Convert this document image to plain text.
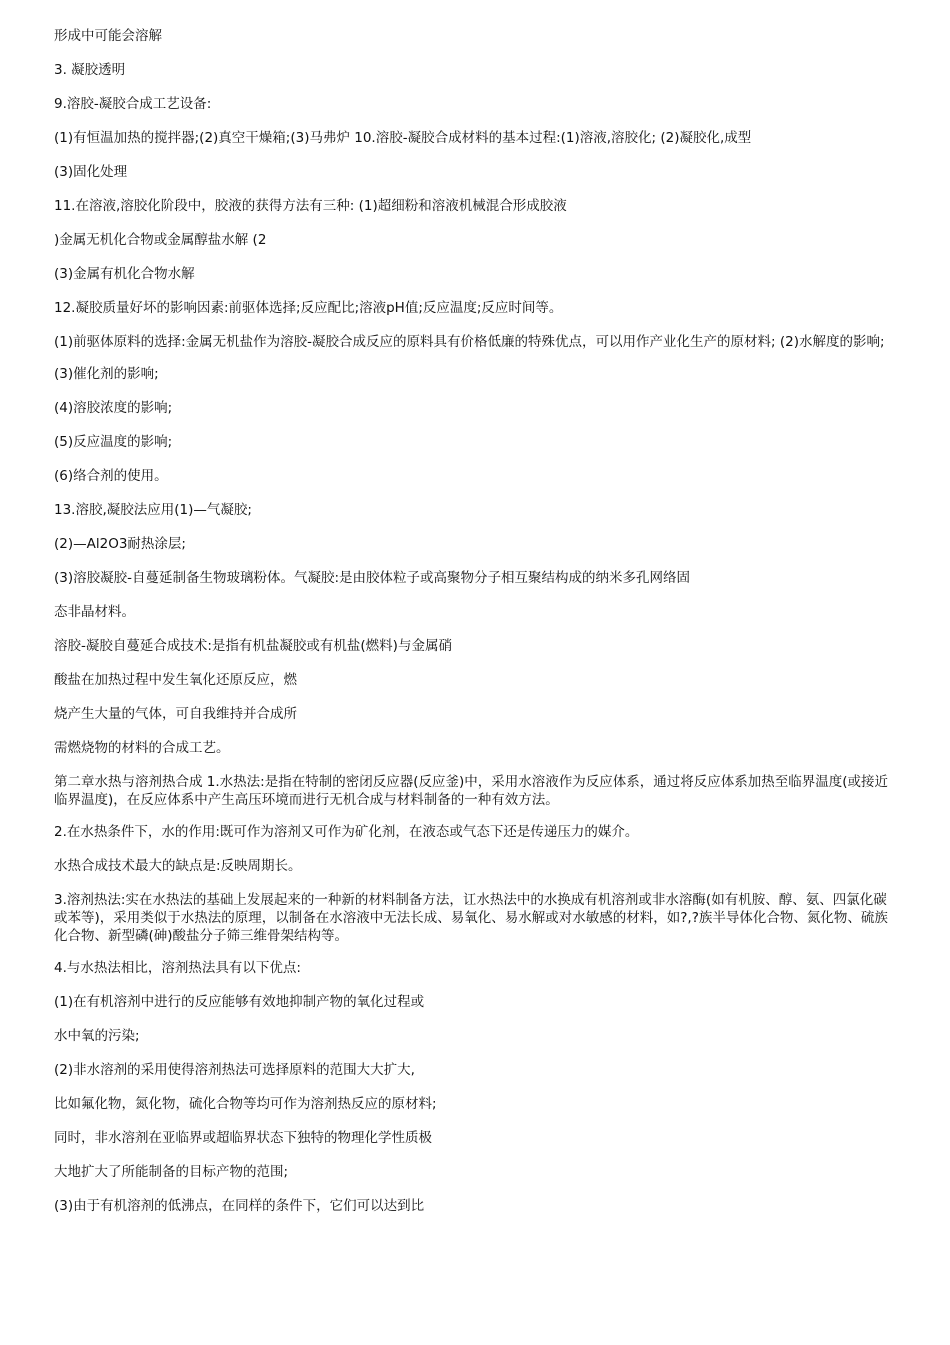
形成中可能会溶解

3. 凝胶透明

9.溶胶-凝胶合成工艺设备:

(1)有恒温加热的搅拌器;(2)真空干燥箱;(3)马弗炉 10.溶胶-凝胶合成材料的基本过程:(1)溶液,溶胶化; (2)凝胶化,成型

(3)固化处理

11.在溶液,溶胶化阶段中，胶液的获得方法有三种: (1)超细粉和溶液机械混合形成胶液

)金属无机化合物或金属醇盐水解 (2

(3)金属有机化合物水解

12.凝胶质量好坏的影响因素:前驱体选择;反应配比;溶液pH值;反应温度;反应时间等。

(1)前驱体原料的选择:金属无机盐作为溶胶-凝胶合成反应的原料具有价格低廉的特殊优点，可以用作产业化生产的原材料; (2)水解度的影响;

(3)催化剂的影响;

(4)溶胶浓度的影响;

(5)反应温度的影响;

(6)络合剂的使用。

13.溶胶,凝胶法应用(1)—气凝胶;

(2)—Al2O3耐热涂层;

(3)溶胶凝胶-自蔓延制备生物玻璃粉体。气凝胶:是由胶体粒子或高聚物分子相互聚结构成的纳米多孔网络固

态非晶材料。

溶胶-凝胶自蔓延合成技术:是指有机盐凝胶或有机盐(燃料)与金属硝

酸盐在加热过程中发生氧化还原反应，燃

烧产生大量的气体，可自我维持并合成所

需燃烧物的材料的合成工艺。

第二章水热与溶剂热合成 1.水热法:是指在特制的密闭反应器(反应釜)中，采用水溶液作为反应体系，通过将反应体系加热至临界温度(或接近临界温度)，在反应体系中产生高压环境而进行无机合成与材料制备的一种有效方法。

2.在水热条件下，水的作用:既可作为溶剂又可作为矿化剂，在液态或气态下还是传递压力的媒介。

水热合成技术最大的缺点是:反映周期长。

3.溶剂热法:实在水热法的基础上发展起来的一种新的材料制备方法，讧水热法中的水换成有机溶剂或非水溶酶(如有机胺、醇、氨、四氯化碳或苯等)，采用类似于水热法的原理，以制备在水溶液中无法长成、易氧化、易水解或对水敏感的材料，如?,?族半导体化合物、氮化物、硫族化合物、新型磷(砷)酸盐分子筛三维骨架结构等。

4.与水热法相比，溶剂热法具有以下优点:

(1)在有机溶剂中进行的反应能够有效地抑制产物的氧化过程或

水中氧的污染;

(2)非水溶剂的采用使得溶剂热法可选择原料的范围大大扩大,

比如氟化物，氮化物，硫化合物等均可作为溶剂热反应的原材料;

同时，非水溶剂在亚临界或超临界状态下独特的物理化学性质极

大地扩大了所能制备的目标产物的范围;

(3)由于有机溶剂的低沸点，在同样的条件下，它们可以达到比
